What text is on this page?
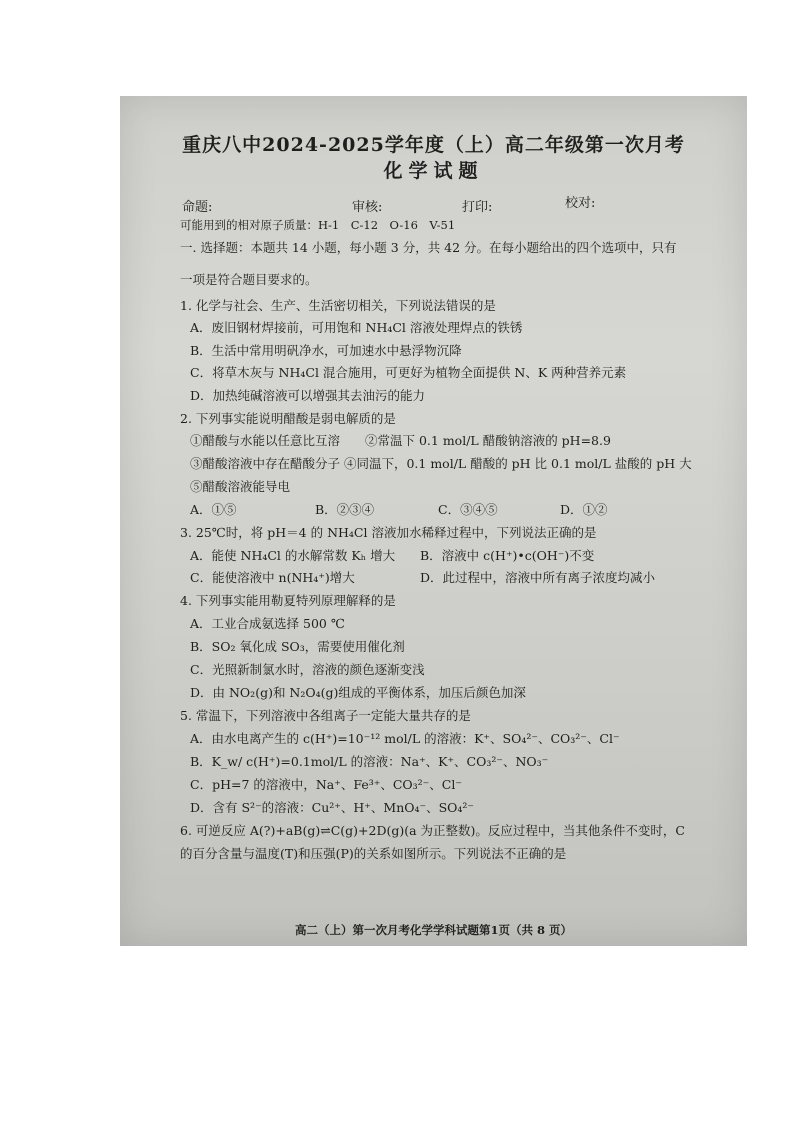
重庆八中2024-2025学年度（上）高二年级第一次月考
化学试题
命题:	审核:	打印:	校对:
可能用到的相对原子质量：H-1　C-12　O-16　V-51
一. 选择题：本题共 14 小题，每小题 3 分，共 42 分。在每小题给出的四个选项中，只有
一项是符合题目要求的。
1. 化学与社会、生产、生活密切相关，下列说法错误的是
A．废旧钢材焊接前，可用饱和 NH₄Cl 溶液处理焊点的铁锈
B．生活中常用明矾净水，可加速水中悬浮物沉降
C．将草木灰与 NH₄Cl 混合施用，可更好为植物全面提供 N、K 两种营养元素
D．加热纯碱溶液可以增强其去油污的能力
2. 下列事实能说明醋酸是弱电解质的是
①醋酸与水能以任意比互溶　　②常温下 0.1 mol/L 醋酸钠溶液的 pH=8.9
③醋酸溶液中存在醋酸分子 ④同温下，0.1 mol/L 醋酸的 pH 比 0.1 mol/L 盐酸的 pH 大
⑤醋酸溶液能导电
A．①⑤	B．②③④	C．③④⑤	D．①②
3. 25℃时，将 pH＝4 的 NH₄Cl 溶液加水稀释过程中，下列说法正确的是
A．能使 NH₄Cl 的水解常数 Kₕ 增大 B．溶液中 c(H⁺)•c(OH⁻)不变
C．能使溶液中 n(NH₄⁺)增大	D．此过程中，溶液中所有离子浓度均减小
4. 下列事实能用勒夏特列原理解释的是
A．工业合成氨选择 500 ℃
B．SO₂ 氧化成 SO₃，需要使用催化剂
C．光照新制氯水时，溶液的颜色逐渐变浅
D．由 NO₂(g)和 N₂O₄(g)组成的平衡体系，加压后颜色加深
5. 常温下，下列溶液中各组离子一定能大量共存的是
A．由水电离产生的 c(H⁺)=10⁻¹² mol/L 的溶液：K⁺、SO₄²⁻、CO₃²⁻、Cl⁻
B．K_w/ c(H⁺)=0.1mol/L 的溶液：Na⁺、K⁺、CO₃²⁻、NO₃⁻
C．pH=7 的溶液中，Na⁺、Fe³⁺、CO₃²⁻、Cl⁻
D．含有 S²⁻的溶液：Cu²⁺、H⁺、MnO₄⁻、SO₄²⁻
6. 可逆反应 A(?)+aB(g)⇌C(g)+2D(g)(a 为正整数)。反应过程中，当其他条件不变时，C
的百分含量与温度(T)和压强(P)的关系如图所示。下列说法不正确的是
高二（上）第一次月考化学学科试题第1页（共 8 页）
